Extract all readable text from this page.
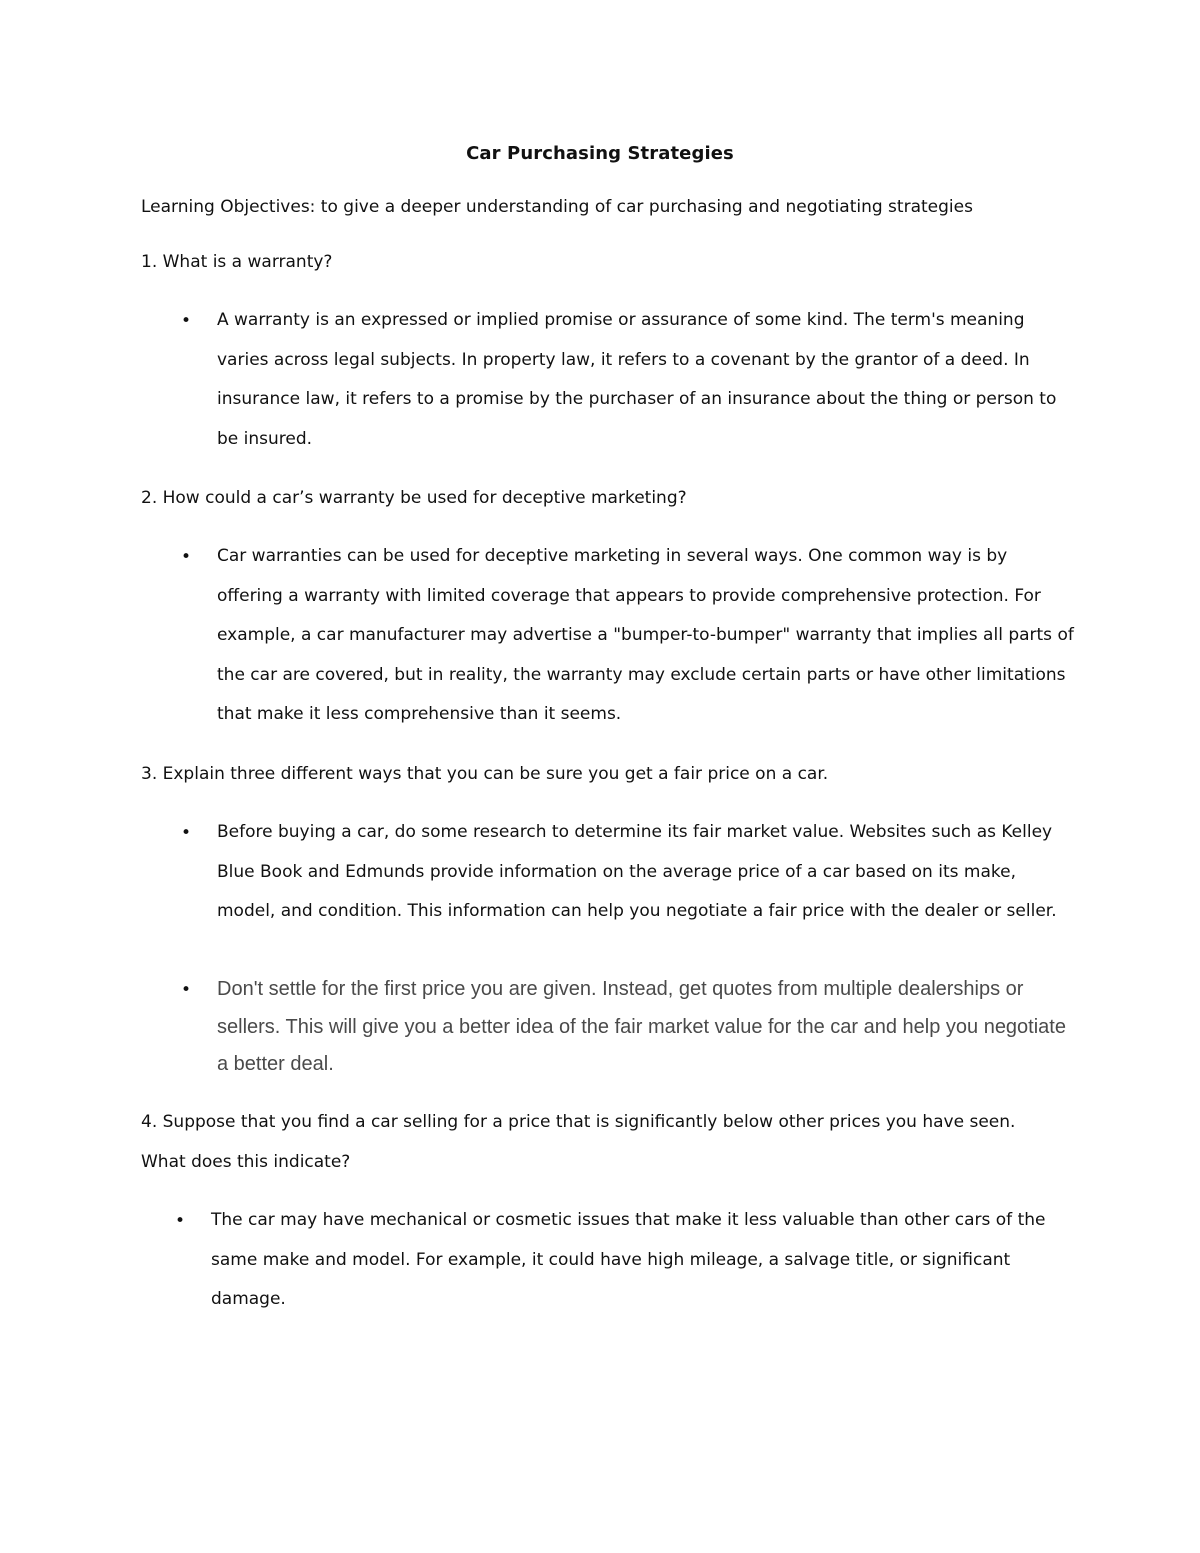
Car Purchasing Strategies
Learning Objectives: to give a deeper understanding of car purchasing and negotiating strategies
1. What is a warranty?
• A warranty is an expressed or implied promise or assurance of some kind. The term's meaning varies across legal subjects. In property law, it refers to a covenant by the grantor of a deed. In insurance law, it refers to a promise by the purchaser of an insurance about the thing or person to be insured.
2. How could a car’s warranty be used for deceptive marketing?
• Car warranties can be used for deceptive marketing in several ways. One common way is by offering a warranty with limited coverage that appears to provide comprehensive protection. For example, a car manufacturer may advertise a "bumper-to-bumper" warranty that implies all parts of the car are covered, but in reality, the warranty may exclude certain parts or have other limitations that make it less comprehensive than it seems.
3. Explain three different ways that you can be sure you get a fair price on a car.
• Before buying a car, do some research to determine its fair market value. Websites such as Kelley Blue Book and Edmunds provide information on the average price of a car based on its make, model, and condition. This information can help you negotiate a fair price with the dealer or seller.
• Don't settle for the first price you are given. Instead, get quotes from multiple dealerships or sellers. This will give you a better idea of the fair market value for the car and help you negotiate a better deal.
4. Suppose that you find a car selling for a price that is significantly below other prices you have seen.
What does this indicate?
• The car may have mechanical or cosmetic issues that make it less valuable than other cars of the same make and model. For example, it could have high mileage, a salvage title, or significant damage.
